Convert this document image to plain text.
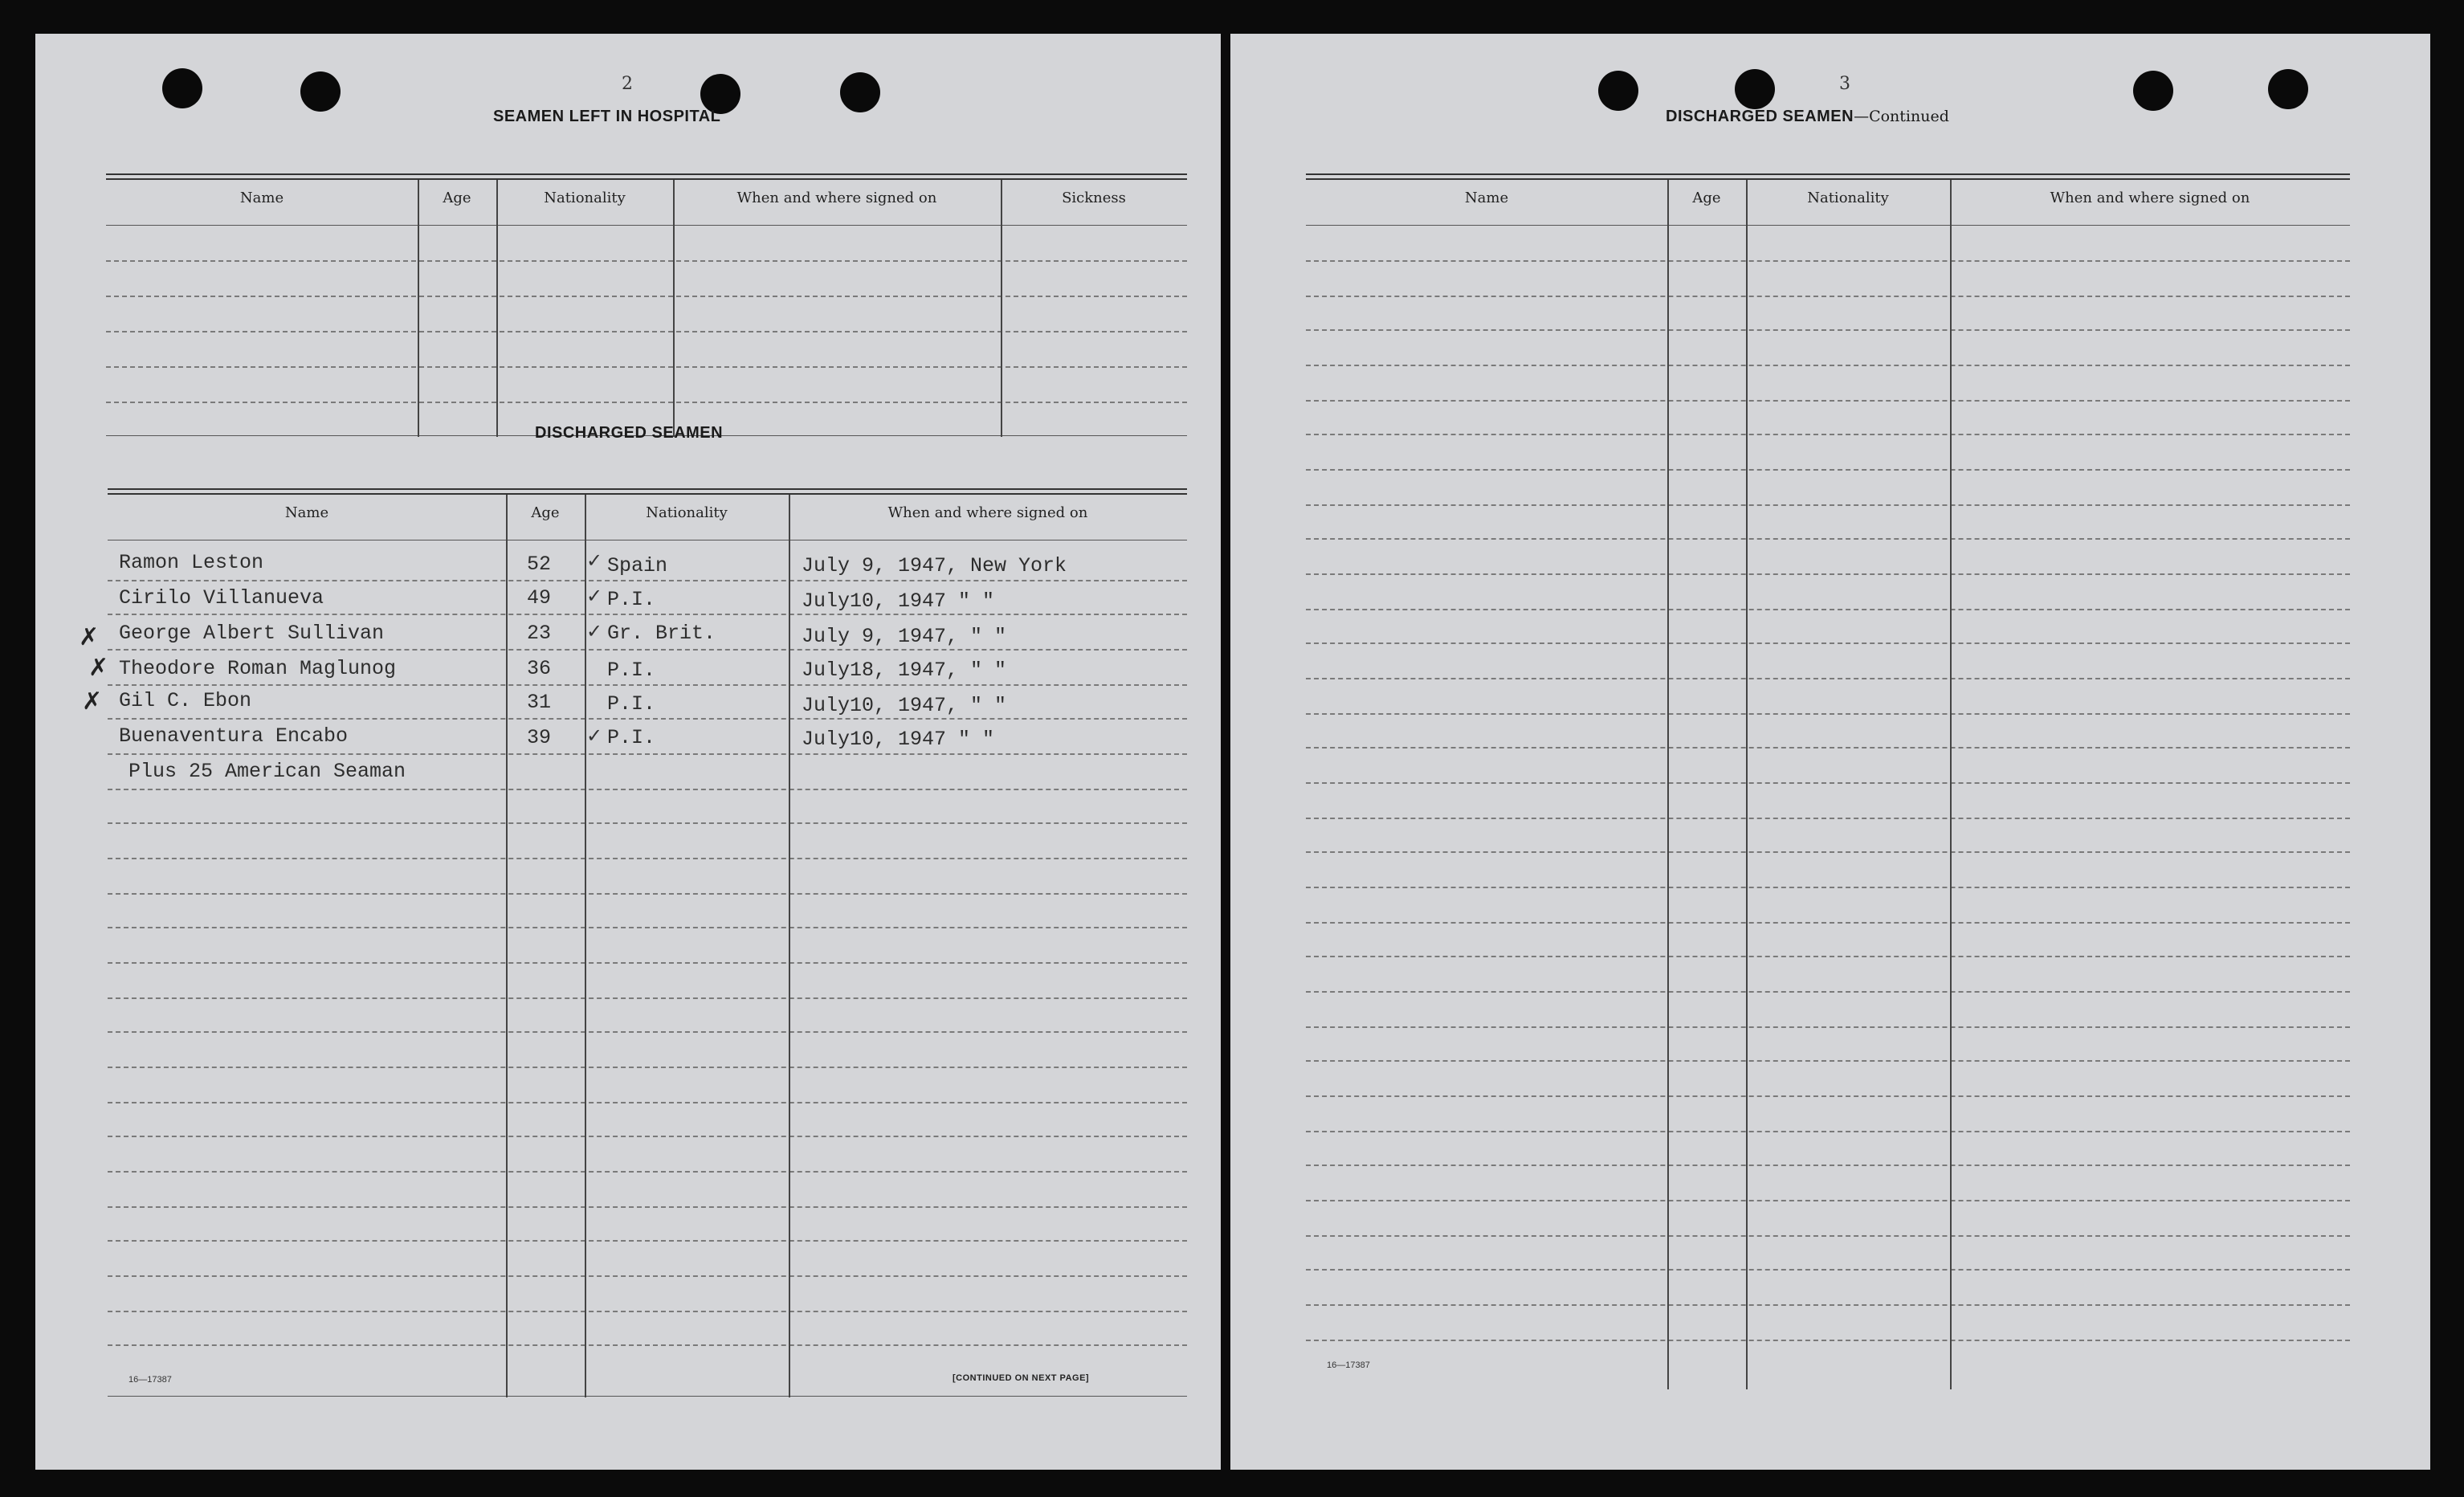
2
SEAMEN LEFT IN HOSPITAL
Name	Age	Nationality	When and where signed on	Sickness
DISCHARGED SEAMEN
Name	Age	Nationality	When and where signed on
Ramon Leston	52	Spain	July 9, 1947, New York
Cirilo Villanueva	49	P.I.	July10, 1947 " "
George Albert Sullivan	23	Gr. Brit.	July 9, 1947, " "
Theodore Roman Maglunog	36	P.I.	July18, 1947, " "
Gil C. Ebon	31	P.I.	July10, 1947, " "
Buenaventura Encabo	39	P.I.	July10, 1947 " "
Plus 25 American Seaman
✓
✓
✓
✓
✗
✗
✗
16—17387	[CONTINUED ON NEXT PAGE]
3
DISCHARGED SEAMEN—Continued
Name	Age	Nationality	When and where signed on
16—17387
